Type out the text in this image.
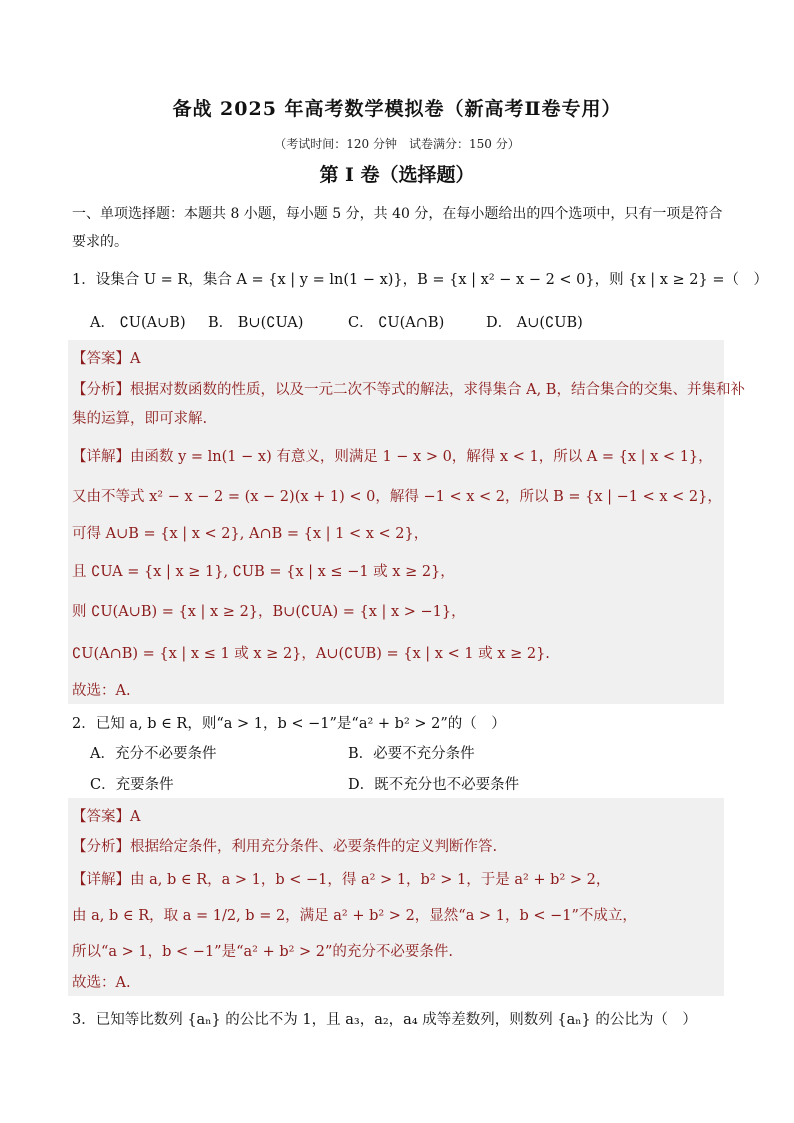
备战 2025 年高考数学模拟卷（新高考Ⅱ卷专用）
（考试时间：120 分钟　试卷满分：150 分）
第 I 卷（选择题）
一、单项选择题：本题共 8 小题，每小题 5 分，共 40 分，在每小题给出的四个选项中，只有一项是符合要求的。
1．设集合 U = R，集合 A = {x | y = ln(1 − x)}，B = {x | x² − x − 2 < 0}，则 {x | x ≥ 2} =（　）
A． ∁U(A∪B) B． B∪(∁UA)	C． ∁U(A∩B)	D． A∪(∁UB)
【答案】A
【分析】根据对数函数的性质，以及一元二次不等式的解法，求得集合 A, B，结合集合的交集、并集和补
集的运算，即可求解.
【详解】由函数 y = ln(1 − x) 有意义，则满足 1 − x > 0，解得 x < 1，所以 A = {x | x < 1}，
又由不等式 x² − x − 2 = (x − 2)(x + 1) < 0，解得 −1 < x < 2，所以 B = {x | −1 < x < 2}，
可得 A∪B = {x | x < 2}, A∩B = {x | 1 < x < 2}，
且 ∁UA = {x | x ≥ 1}, ∁UB = {x | x ≤ −1 或 x ≥ 2}，
则 ∁U(A∪B) = {x | x ≥ 2}，B∪(∁UA) = {x | x > −1}，
∁U(A∩B) = {x | x ≤ 1 或 x ≥ 2}，A∪(∁UB) = {x | x < 1 或 x ≥ 2}.
故选：A.
2．已知 a, b ∈ R，则“a > 1，b < −1”是“a² + b² > 2”的（　）
A．充分不必要条件	B．必要不充分条件
C．充要条件	D．既不充分也不必要条件
【答案】A
【分析】根据给定条件，利用充分条件、必要条件的定义判断作答.
【详解】由 a, b ∈ R，a > 1，b < −1，得 a² > 1，b² > 1，于是 a² + b² > 2，
由 a, b ∈ R，取 a = 1/2, b = 2，满足 a² + b² > 2，显然“a > 1，b < −1”不成立，
所以“a > 1，b < −1”是“a² + b² > 2”的充分不必要条件.
故选：A.
3．已知等比数列 {aₙ} 的公比不为 1，且 a₃，a₂，a₄ 成等差数列，则数列 {aₙ} 的公比为（　）
